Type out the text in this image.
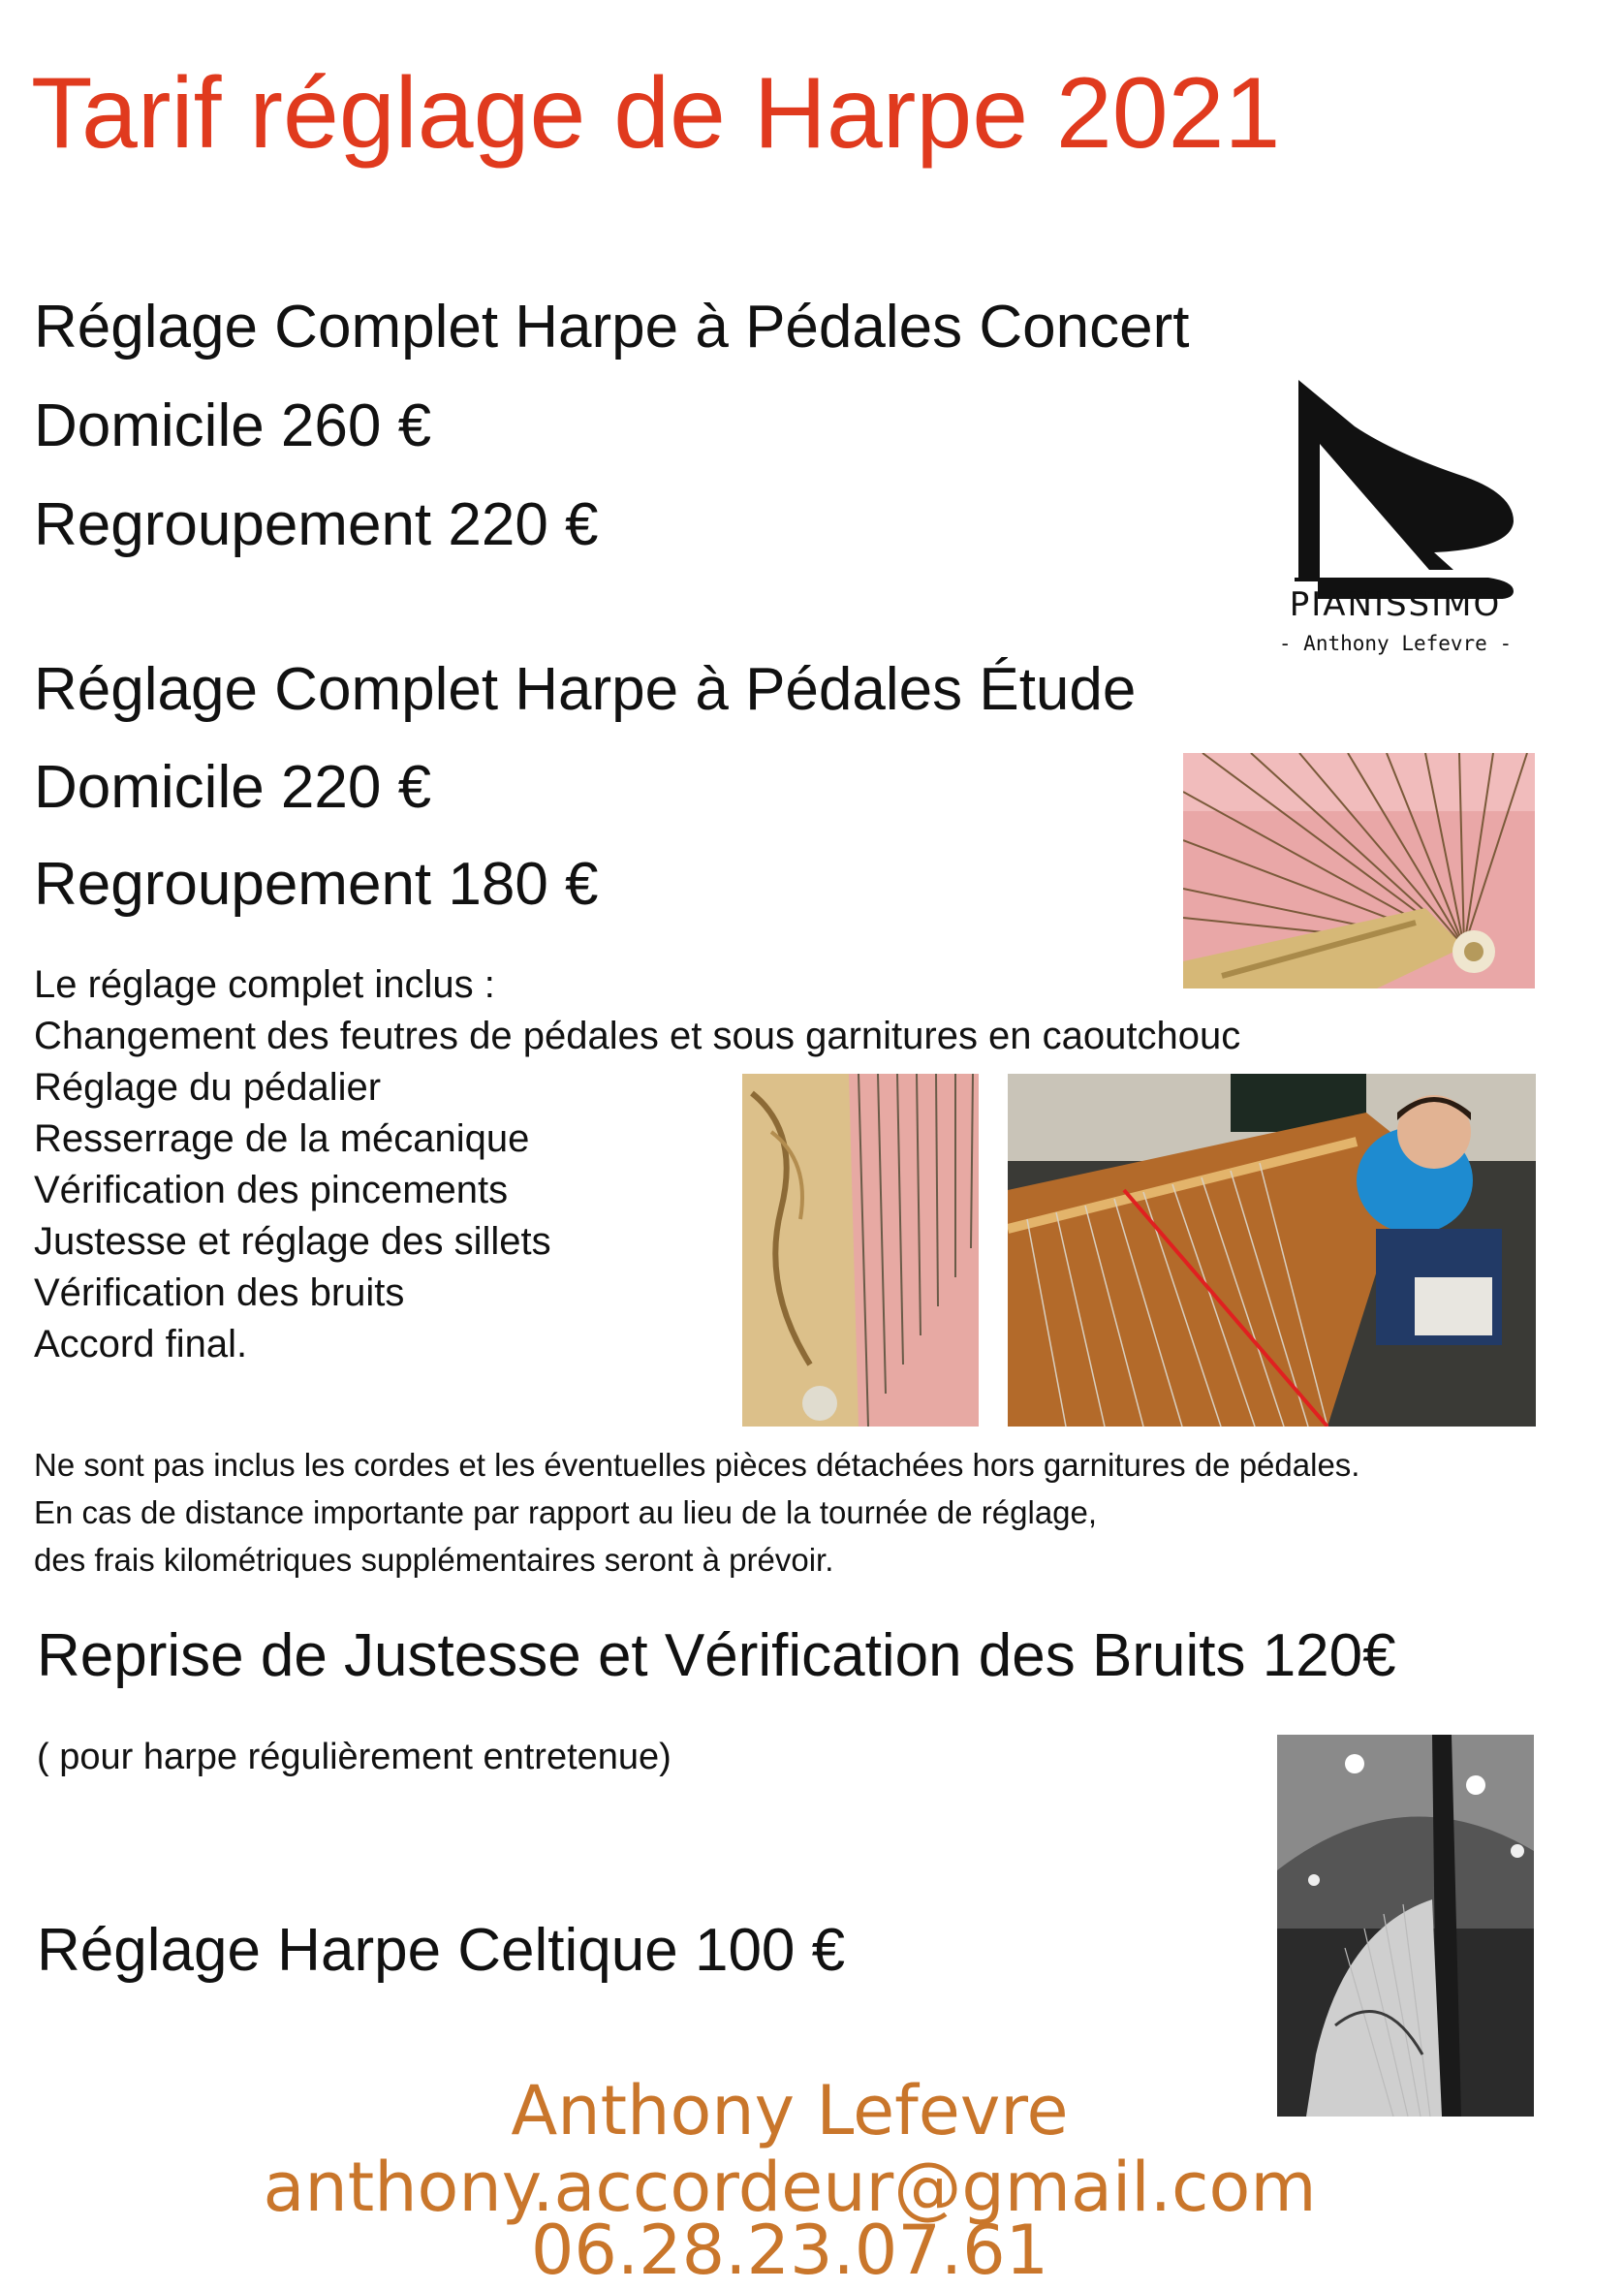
Tarif réglage de Harpe 2021
Réglage Complet Harpe à Pédales Concert
Domicile 260 €
Regroupement 220 €
Réglage Complet Harpe à Pédales Étude
Domicile 220 €
Regroupement 180 €
PIANISSIMO
- Anthony Lefevre -
Le réglage complet inclus :
Changement des feutres de pédales et sous garnitures en caoutchouc
Réglage du pédalier
Resserrage de la mécanique
Vérification des pincements
Justesse et réglage des sillets
Vérification des bruits
Accord final.
Ne sont pas inclus les cordes et les éventuelles pièces détachées hors garnitures de pédales.
En cas de distance importante par rapport au lieu de la tournée de réglage,
des frais kilométriques supplémentaires seront à prévoir.
Reprise de Justesse et Vérification des Bruits 120€
( pour harpe régulièrement entretenue)
Réglage Harpe Celtique 100 €
Anthony Lefevre
anthony.accordeur@gmail.com
06.28.23.07.61
